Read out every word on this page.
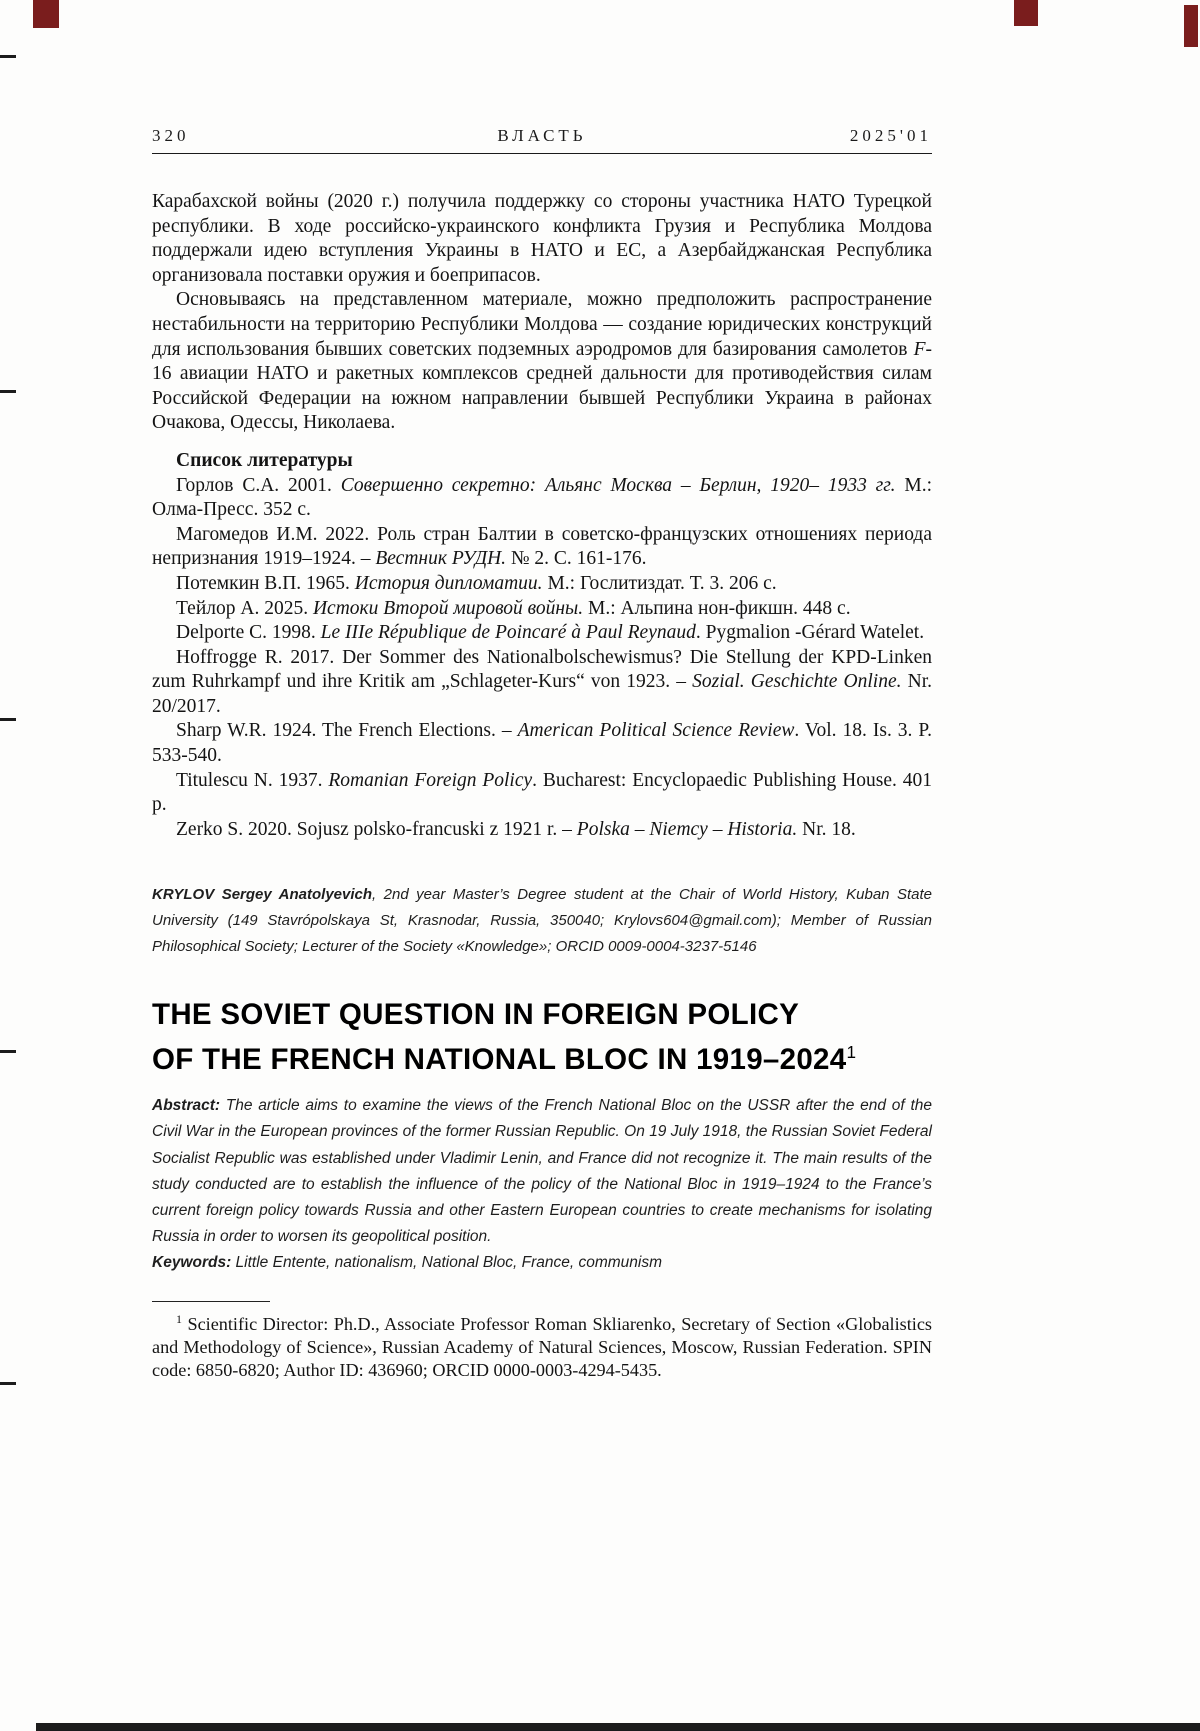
320	ВЛАСТЬ	2025'01

Карабахской войны (2020 г.) получила поддержку со стороны участника НАТО Турецкой республики. В ходе российско-украинского конфликта Грузия и Республика Молдова поддержали идею вступления Украины в НАТО и ЕС, а Азербайджанская Республика организовала поставки оружия и боеприпасов.

Основываясь на представленном материале, можно предположить распространение нестабильности на территорию Республики Молдова — создание юридических конструкций для использования бывших советских подземных аэродромов для базирования самолетов F-16 авиации НАТО и ракетных комплексов средней дальности для противодействия силам Российской Федерации на южном направлении бывшей Республики Украина в районах Очакова, Одессы, Николаева.

Список литературы

Горлов С.А. 2001. Совершенно секретно: Альянс Москва – Берлин, 1920– 1933 гг. М.: Олма-Пресс. 352 с.

Магомедов И.М. 2022. Роль стран Балтии в советско-французских отношениях периода непризнания 1919–1924. – Вестник РУДН. № 2. С. 161-176.

Потемкин В.П. 1965. История дипломатии. М.: Гослитиздат. Т. 3. 206 с.

Тейлор А. 2025. Истоки Второй мировой войны. М.: Альпина нон-фикшн. 448 с.

Delporte C. 1998. Le IIIe République de Poincaré à Paul Reynaud. Pygmalion -Gérard Watelet.

Hoffrogge R. 2017. Der Sommer des Nationalbolschewismus? Die Stellung der KPD-Linken zum Ruhrkampf und ihre Kritik am „Schlageter-Kurs“ von 1923. – Sozial. Geschichte Online. Nr. 20/2017.

Sharp W.R. 1924. The French Elections. – American Political Science Review. Vol. 18. Is. 3. P. 533-540.

Titulescu N. 1937. Romanian Foreign Policy. Bucharest: Encyclopaedic Publishing House. 401 p.

Zerko S. 2020. Sojusz polsko-francuski z 1921 r. – Polska – Niemcy – Historia. Nr. 18.

KRYLOV Sergey Anatolyevich, 2nd year Master’s Degree student at the Chair of World History, Kuban State University (149 Stavrópolskaya St, Krasnodar, Russia, 350040; Krylovs604@gmail.com); Member of Russian Philosophical Society; Lecturer of the Society «Knowledge»; ORCID 0009-0004-3237-5146
THE SOVIET QUESTION IN FOREIGN POLICY
OF THE FRENCH NATIONAL BLOC IN 1919–2024$^1$

Abstract: The article aims to examine the views of the French National Bloc on the USSR after the end of the Civil War in the European provinces of the former Russian Republic. On 19 July 1918, the Russian Soviet Federal Socialist Republic was established under Vladimir Lenin, and France did not recognize it. The main results of the study conducted are to establish the influence of the policy of the National Bloc in 1919–1924 to the France’s current foreign policy towards Russia and other Eastern European countries to create mechanisms for isolating Russia in order to worsen its geopolitical position.

Keywords: Little Entente, nationalism, National Bloc, France, communism

$^1$ Scientific Director: Ph.D., Associate Professor Roman Skliarenko, Secretary of Section «Globalistics and Methodology of Science», Russian Academy of Natural Sciences, Moscow, Russian Federation. SPIN code: 6850-6820; Author ID: 436960; ORCID 0000-0003-4294-5435.
